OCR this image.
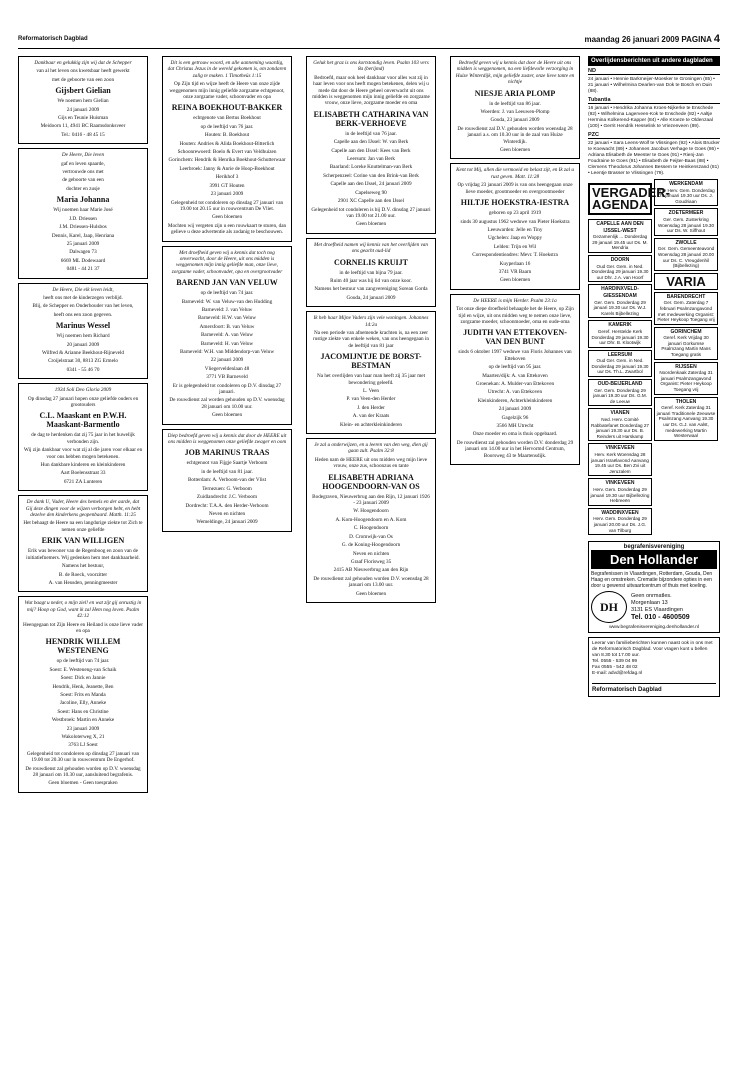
Reformatorisch Dagblad	maandag 26 januari 2009 PAGINA 4

Dankbaar en gelukkig zijn wij dat de Schepper

van al het leven ons kwetsbaar heeft gewerkt

met de geboorte van een zoon

Gijsbert Gielian

We noemen hem Gielian

24 januari 2009

Gijs en Teunie Huisman

Meidoorn 11, 4941 BC Raamsdonksveer

Tel.: 0416 - 48 45 15

De Heere, Die leven

gaf en leven spaarde,

vertrouwde ons met

de geboorte van een

dochter en zusje

Maria Johanna

Wij noemen haar Marie José

J.D. Driessen

J.M. Driessen-Hulsbos

Dennis, Karel, Jaap, Henriana

25 januari 2009

Dalwagen 73

6669 ML Dodewaard

0481 - 44 21 37

De Heere, Die elk leven leidt,

heeft ons met de kinderzegen verblijd.

Blij, de Schepper en Onderhouder van het leven,

heeft ons een zoon gegeven.

Marinus Wessel

Wij noemen hem Richard

20 januari 2009

Wilfred & Arianne Beekhout-Rijneveld

Croijelstraat 30, 8813 ZG Ermelo

0341 - 55 46 70

1934 Soli Deo Gloria 2009

Op dinsdag 27 januari hopen onze geliefde ouders en grootouders

C.L. Maaskant en P.W.H. Maaskant-Barmentlo

de dag te herdenken dat zij 75 jaar in het huwelijk verbonden zijn.

Wij zijn dankbaar voor wat zij al die jaren voor elkaar en voor ons hebben mogen betekenen.

Hun dankbare kinderen en kleinkinderen

Aart Boelensstraat 33

6721 ZA Lunteren

De dank U, Vader, Heere des hemels en der aarde, dat Gij deze dingen voor de wijzen verborgen hebt, en hebt dezelve den kinderkens geopenbaard. Matth. 11:25

Het behaagt de Heere na een langdurige ziekte tot Zich te nemen onze geliefde

ERIK VAN WILLIGEN

Erik was bewoner van de Regenboog en zoon van de initiatiefnemers. Wij gedenken hem met dankbaarheid.

Namens het bestuur,

B. de Roeck, voorzitter

A. van Heusden, penningmeester

Wat baagt u neder, o mijn ziel! en wat zijt gij onrustig in mij? Hoop op God, want ik zal Hem nog loven. Psalm 42:12

Heengegaan tot Zijn Heere en Heiland is onze lieve vader en opa

HENDRIK WILLEM WESTENENG

op de leeftijd van 74 jaar.

Soest: E. Westeneng-van Schaik

Soest: Dick en Jannie

Hendrik, Henk, Jeanette, Ben

Soest: Frits en Manda

Jacoline, Elly, Anneke

Soest: Hans en Christine

Westbroek: Martin en Anneke

23 januari 2009

Wakoloterweg X, 21

3763 LJ Soest

Gelegenheid tot condoleren op dinsdag 27 januari van 19.00 tot 20.30 uur in rouwcentrum De Engerhof.

De rouwdienst zal gehouden worden op D.V. woensdag 28 januari om 10.30 uur, aansluitend begrafenis.

Geen bloemen - Geen toespraken

Dit is een getrouw woord, en alle aanneming waardig, dat Christus Jezus in de wereld gekomen is, om zondaren zalig te maken. 1 Timotheüs 1:15

Op Zijn tijd en wijze heeft de Heere van onze zijde weggenomen mijn innig geliefde zorgzame echtgenoot, onze zorgzame vader, schoonvader en opa

REINA BOEKHOUT-BAKKER

echtgenote van Bertus Boekhout

op de leeftijd van 76 jaar.

Houten: B. Boekhout

Houten: Andries & Alida Boekhout-Bitterlich

Schoonrewoerd: Boelo & Evert van Veldhuizen

Gorinchem: Hendrik & Henrika Boekhout-Schutterwaar

Leerbroek: Janny & Anrie de Hoop-Boekhout

Herikhof 3

3991 GT Houten

23 januari 2009

Gelegenheid tot condoleren op dinsdag 27 januari van 19.00 tot 20.15 uur in rouwcentrum De Vliet.

Geen bloemen

Mochten wij vergeten zijn u een rouwkaart te sturen, dan gelieve u deze advertentie als zodanig te beschouwen.

Met droefheid geven wij u kennis dat toch nog onverwacht, door de Heere, uit ons midden is weggenomen mijn innig geliefde man, onze lieve, zorgzame vader, schoonvader, opa en overgrootvader

BAREND JAN VAN VELUW

op de leeftijd van 74 jaar.

Barneveld: W. van Veluw-van den Hudding

Barneveld: J. van Veluw

Barneveld: H.W. van Veluw

Amersfoort: B. van Veluw

Barneveld: A. van Veluw

Barneveld: H. van Veluw

Barneveld: W.H. van Middendorp-van Veluw

22 januari 2009

Vliegerveldenlaan 48

3771 VB Barneveld

Er is gelegenheid tot condoleren op D.V. dinsdag 27 januari.

De rouwdienst zal worden gehouden op D.V. woensdag 28 januari om 10.00 uur.

Geen bloemen

Diep bedroefd geven wij u kennis dat door de HEERE uit ons midden is weggenomen onze geliefde zwager en oom

JOB MARINUS TRAAS

echtgenoot van Fijgje Saartje Verboom

in de leeftijd van 81 jaar.

Botterdam: A. Verboom-van der Vlist

Ternezuen: G. Verboom

Zuidlandrecht: J.C. Verboom

Dordrecht: T.A.A. den Herder-Verboom

Neven en nichten

Wemeldinge, 24 januari 2009

Geluk het graz is ons kortstondig leven. Psalm 103 vers 8a (berijmd)

Bedroefd, maar ook heel dankbaar voor alles wat zij in haar leven voor ons heeft mogen betekenen, delen wij u mede dat door de Heere geheel onverwacht uit ons midden is weggenomen mijn innig geliefde en zorgzame vrouw, onze lieve, zorgzame moeder en oma

ELISABETH CATHARINA VAN BERK-VERHOEVE

in de leeftijd van 76 jaar.

Capelle aan den IJssel: W. van Berk

Capelle aan den IJssel: Kees van Berk

Leersum: Jan van Berk

Baarland: Loreke Knuttelman-van Berk

Scherpenzeel: Corine van den Brink-van Berk

Capelle aan den IJssel, 24 januari 2009

Capelseweg 90

2901 XC Capelle aan den IJssel

Gelegenheid tot condoleren is bij D.V. dinsdag 27 januari van 19.00 tot 21.00 uur.

Geen bloemen

Met droefheid namen wij kennis van het overlijden van ons geacht oud-lid

CORNELIS KRUIJT

in de leeftijd van bijna 79 jaar.

Ruim 40 jaar was hij lid van onze koor.

Namens het bestuur van zangvereniging Sorean Gorda

Gouda, 24 januari 2009

Ik heb haar Mijne Vaders zijn vele woningen. Johannes 14:2a

Na een periode van afnemende krachten is, na een zeer rustige ziekte van enkele weken, van ons heengegaan in de leeftijd van 81 jaar

JACOMIJNTJE DE BORST-BESTMAN

Na het overlijden van haar man heeft zij 35 jaar met bewondering geleefd.

L. Veen

P. van Veen-den Herder

J. den Herder

A. van der Kraats

Klein- en achterkleinkinderen

Je zal u onderwijzen, en u leeren van den weg, dien gij gaan zult. Psalm 32:8

Heden nam de HEERE uit ons midden weg mijn lieve vrouw, onze zus, schoonzus en tante

ELISABETH ADRIANA HOOGENDOORN-VAN OS

Bodegraven, Nieuwerbrug aan den Rijn, 12 januari 1926 - 23 januari 2009

W. Hoogendoorn

A. Kom-Hoogendoorn en A. Kom

C. Hoogendoorn

D. Cromwijk-van Os

G. de Koning-Hoogendoorn

Neven en nichten

Graaf Florisweg 35

2415 AB Nieuwerbrug aan den Rijn

De rouwdienst zal gehouden worden D.V. woensdag 28 januari om 13.00 uur.

Geen bloemen

Bedroefd geven wij u kennis dat door de Heere uit ons midden is weggenomen, na een liefdevolle verzorging in Huize Winterdijk, mijn geliefde zuster, onze lieve tante en nichtje

NIESJE ARIA PLOMP

in de leeftijd van 86 jaar.

Woerden: J. van Leeuwen-Plomp

Gouda, 23 januari 2009

De rouwdienst zal D.V. gehouden worden woensdag 28 januari a.s. om 10.30 uur in de zaal van Huize Winterdijk.

Geen bloemen

Kent tot Mij, allen die vermoeid en belast zijt, en Ik zal u rust geven. Matt. 11:28

Op vrijdag 23 januari 2009 is van ons heengegaan onze lieve moeder, grootmoeder en overgrootmoeder

HILTJE HOEKSTRA-IESTRA

geboren op 23 april 1919

sinds 30 augustus 1962 weduwe van Pieter Hoekstra

Leeuwarden: Jelle en Tiny

Ugchelen: Jaap en Woppy

Lelden: Trijn en Wil

Correspondentieadres: Mevr. T. Hoekstra

Kuyperlaan 16

3741 VR Baarn

Geen bloemen

De HEERE is mijn Herder. Psalm 23:1a

Tot onze diepe droefheid behaagde het de Heere, op Zijn tijd en wijze, uit ons midden weg te nemen onze lieve, zorgzame moeder, schoonmoeder, oma en oude-oma

JUDITH VAN ETTEKOVEN-VAN DEN BUNT

sinds 6 oktober 1997 weduwe van Floris Johannes van Ettekoven

op de leeftijd van 95 jaar.

Maarten/dijk: A. van Ettekoven

Groenekan: A. Mulder-van Ettekoven

Utrecht: A. van Ettekoven

Kleinkinderen, Achterkleinkinderen

24 januari 2009

Gagelzijk 96

3566 MH Utrecht

Onze moeder en oma is thuis opgebaard.

De rouwdienst zal gehouden worden D.V. donderdag 29 januari om 14.00 uur in het Hervormd Centrum, Boorsweg 43 te Maartensdijk.

Overlijdensberichten uit andere dagbladen
ND
24 januari • Hennie Barkmeijer-Moesker te Groningen (85) • 21 januari • Wilhelmina Dearlen-van Dok te Bosch en Duin (88).
Tubantia
16 januari • Hendrika Johanna Kroes-Nijkerke te Enschede (92) • Wilhelmina Lagerveen-Kok te Enschede (82) • Aaltje Hermina Kolkerend-Kapper (84) • Alle Kroeze te Oldenzaal (100) • Gerrit Hendrik Hesselink te Vriezenveen (89).
PZC
22 januari • Sara Leens-Wolf te Vlissingen (92) • Alois Brucker te Koewacht (89) • Johannes Jacobus Verhage te Goes (86) • Adriana Elisabeth de Meester te Goes (91) • Rienj-Jan Foudraine te Goes (91) • Elisabeth de Feijter-Baas (88) • Clemens Theodorus Johannes Bessem te Heinkenszand (81) • Leentje Brasser te Vlissingen (79).
VERGADER-AGENDA
CAPELLE AAN DEN IJSSEL-WEST
Gezamenlijk ... Donderdag 29 januari 19.45 uur Ds. M. Mendria
DOORN
Oud Ger. Gem. in Ned. Donderdag 29 januari 19.30 uur Dhr. J.A. van Hoorf
HARDINXVELD-GIESSENDAM
Ger. Gem. Donderdag 29 januari 19.30 uur Ds. W.J. Karels Bijbellezing
KAMERIK
Geref. Herstelde Kerk Donderdag 29 januari 19.30 uur Dhr. B. Klootwijk
LEERSUM
Oud Ger. Gem. in Ned. Donderdag 29 januari 19.30 uur Ds. Th.L. Zwartbol
OUD-BEIJERLAND
Ger. Gem. Donderdag 29 januari 19.30 uur Ds. G.M. de Leeuw
VIANEN
Ned. Herv. Comité Rabbatefanet Donderdag 27 januari 19.30 uur Ds. B. Reinders uit Harskamp
VINKEVEEN
Herv. Kerk Woensdag 28 januari Israëlavond Aanvang 19.45 uur Ds. Ben Zvi uit Jeruzalem
VINKEVEEN
Herv. Gem. Donderdag 29 januari 19.30 uur Bijbellezing Hebreeën
WADDINXVEEN
Herv. Gem. Donderdag 29 januari 20.00 uur Ds. J.G. van Tilburg
WERKENDAM
Vrije Herv. Gem. Donderdag 29 januari 19.30 uur Ds. J. Goudriaan
ZOETERMEER
Ger. Gem. Zusterkring Woensdag 28 januari 19.30 uur Ds. W. Silfhout
ZWOLLE
Ger. Gem. Gemeenteavond Woensdag 28 januari 20.00 uur Ds. C. Vreugdenhil (Bijbellezing)
VARIA
BARENDRECHT
Ger. Gem. Zaterdag 7 februari Psalmzangavond met medewerking Organist: Pieter Heykoop Toegang vrij
GORINCHEM
Geref. Kerk Vrijdag 30 januari Gorkumse Psalmzang Martin Mans Toegang gratis
RIJSSEN
Noordenkaak Zaterdag 31 januari Psalmzangavond Organist: Pieter Heykoop Toegang vrij
THOLEN
Geref. Kerk Zaterdag 31 januari Traditionele Zeeuwse Psalmzang Aanvang 19.30 uur Ds. G.J. van Aalst, medewerking Martin Westerwaal
begrafenisvereniging
Den Hollander
Begrafenissen in Vlaardingen, Rotterdam, Gouda, Den Haag en omstreken. Crematie bijzondere opties in een door u gewenst uitvaartcentrum of thuis met koeling.
DH
Geen onrmatles.
Morgenlaan 13
3131 ES Vlaardingen
Tel. 010 - 4600509
www.begrafenisvereniging.denhollander.nl
Leerar van familieberichten kunnen naast ook in ons met de Reformatorisch Dagblad. Voor vragen kunt u bellen van 8.30 tot 17.00 uur.
Tel. 0555 - 539 04 99
Fax 0555 - 542 48 02
E-mail: advd@refdag.nl
Reformatorisch Dagblad
